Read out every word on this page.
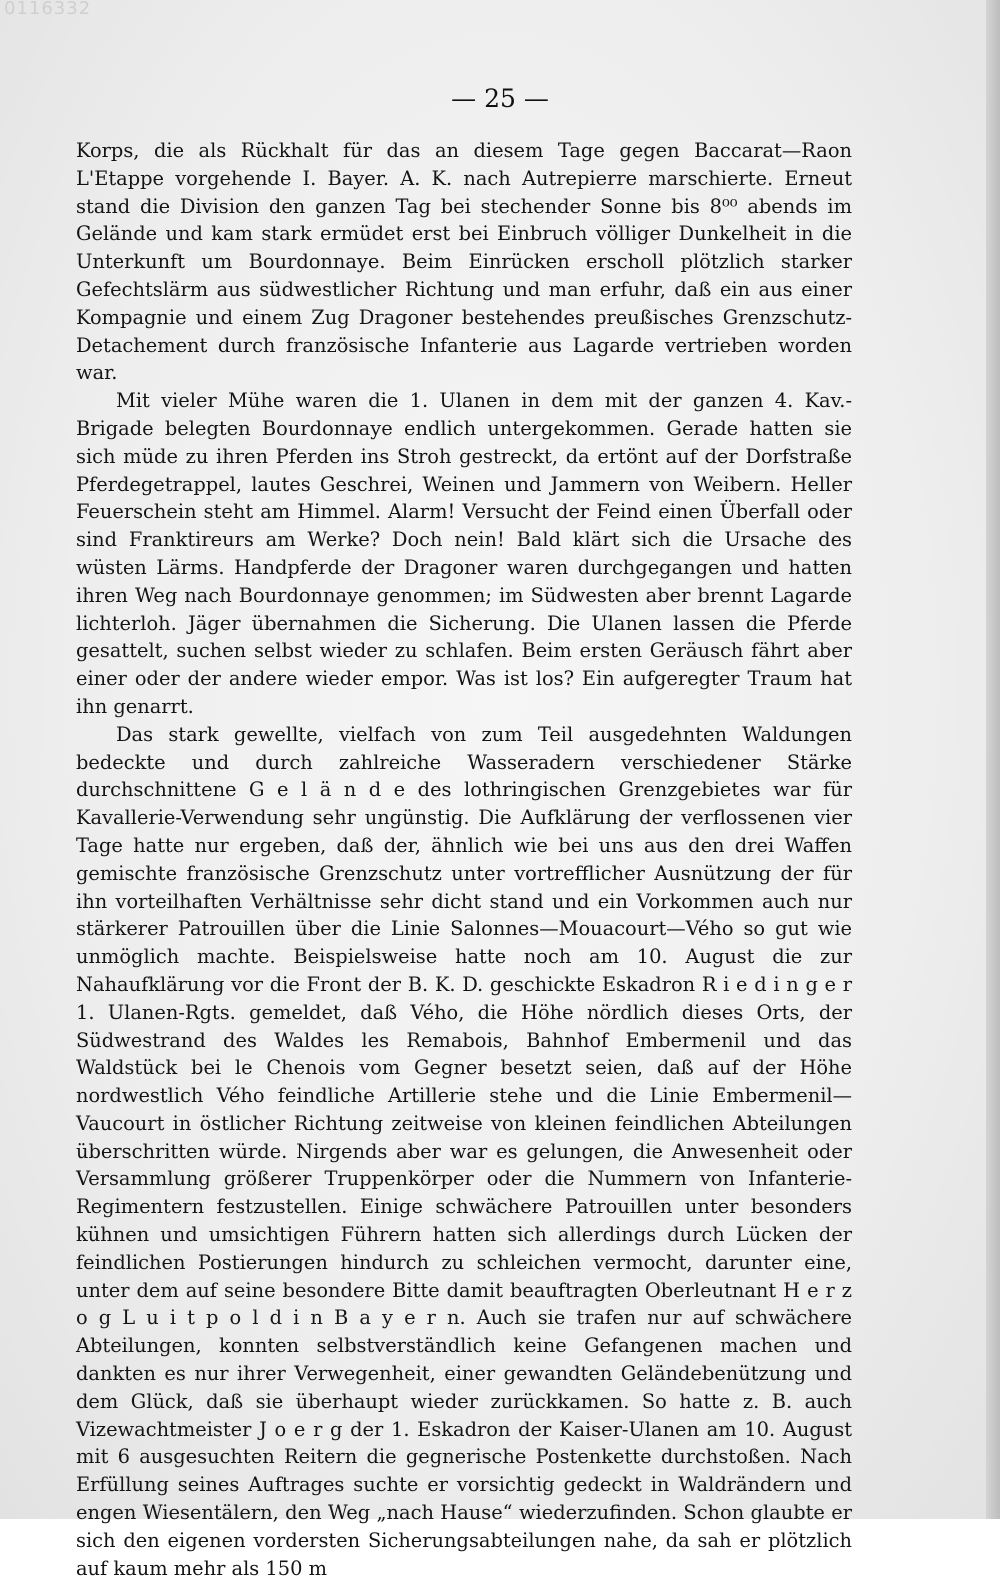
0116332
— 25 —

Korps, die als Rückhalt für das an diesem Tage gegen Baccarat—Raon L'Etappe vorgehende I. Bayer. A. K. nach Autrepierre marschierte. Erneut stand die Division den ganzen Tag bei stechender Sonne bis 8⁰⁰ abends im Gelände und kam stark ermüdet erst bei Einbruch völliger Dunkelheit in die Unterkunft um Bourdonnaye. Beim Einrücken erscholl plötzlich starker Gefechtslärm aus südwestlicher Richtung und man erfuhr, daß ein aus einer Kompagnie und einem Zug Dragoner bestehendes preußisches Grenzschutz-Detachement durch französische Infanterie aus Lagarde vertrieben worden war.

Mit vieler Mühe waren die 1. Ulanen in dem mit der ganzen 4. Kav.-Brigade belegten Bourdonnaye endlich untergekommen. Gerade hatten sie sich müde zu ihren Pferden ins Stroh gestreckt, da ertönt auf der Dorfstraße Pferdegetrappel, lautes Geschrei, Weinen und Jammern von Weibern. Heller Feuerschein steht am Himmel. Alarm! Versucht der Feind einen Überfall oder sind Franktireurs am Werke? Doch nein! Bald klärt sich die Ursache des wüsten Lärms. Handpferde der Dragoner waren durchgegangen und hatten ihren Weg nach Bourdonnaye genommen; im Südwesten aber brennt Lagarde lichterloh. Jäger übernahmen die Sicherung. Die Ulanen lassen die Pferde gesattelt, suchen selbst wieder zu schlafen. Beim ersten Geräusch fährt aber einer oder der andere wieder empor. Was ist los? Ein aufgeregter Traum hat ihn genarrt.

Das stark gewellte, vielfach von zum Teil ausgedehnten Waldungen bedeckte und durch zahlreiche Wasseradern verschiedener Stärke durchschnittene G e l ä n d e des lothringischen Grenzgebietes war für Kavallerie-Verwendung sehr ungünstig. Die Aufklärung der verflossenen vier Tage hatte nur ergeben, daß der, ähnlich wie bei uns aus den drei Waffen gemischte französische Grenzschutz unter vortrefflicher Ausnützung der für ihn vorteilhaften Verhältnisse sehr dicht stand und ein Vorkommen auch nur stärkerer Patrouillen über die Linie Salonnes—Mouacourt—Vého so gut wie unmöglich machte. Beispielsweise hatte noch am 10. August die zur Nahaufklärung vor die Front der B. K. D. geschickte Eskadron R i e d i n g e r 1. Ulanen-Rgts. gemeldet, daß Vého, die Höhe nördlich dieses Orts, der Südwestrand des Waldes les Remabois, Bahnhof Embermenil und das Waldstück bei le Chenois vom Gegner besetzt seien, daß auf der Höhe nordwestlich Vého feindliche Artillerie stehe und die Linie Embermenil—Vaucourt in östlicher Richtung zeitweise von kleinen feindlichen Abteilungen überschritten würde. Nirgends aber war es gelungen, die Anwesenheit oder Versammlung größerer Truppenkörper oder die Nummern von Infanterie-Regimentern festzustellen. Einige schwächere Patrouillen unter besonders kühnen und umsichtigen Führern hatten sich allerdings durch Lücken der feindlichen Postierungen hindurch zu schleichen vermocht, darunter eine, unter dem auf seine besondere Bitte damit beauftragten Oberleutnant H e r z o g L u i t p o l d i n B a y e r n. Auch sie trafen nur auf schwächere Abteilungen, konnten selbstverständlich keine Gefangenen machen und dankten es nur ihrer Verwegenheit, einer gewandten Geländebenützung und dem Glück, daß sie überhaupt wieder zurückkamen. So hatte z. B. auch Vizewachtmeister J o e r g der 1. Eskadron der Kaiser-Ulanen am 10. August mit 6 ausgesuchten Reitern die gegnerische Postenkette durchstoßen. Nach Erfüllung seines Auftrages suchte er vorsichtig gedeckt in Waldrändern und engen Wiesentälern, den Weg „nach Hause“ wiederzufinden. Schon glaubte er sich den eigenen vordersten Sicherungsabteilungen nahe, da sah er plötzlich auf kaum mehr als 150 m
